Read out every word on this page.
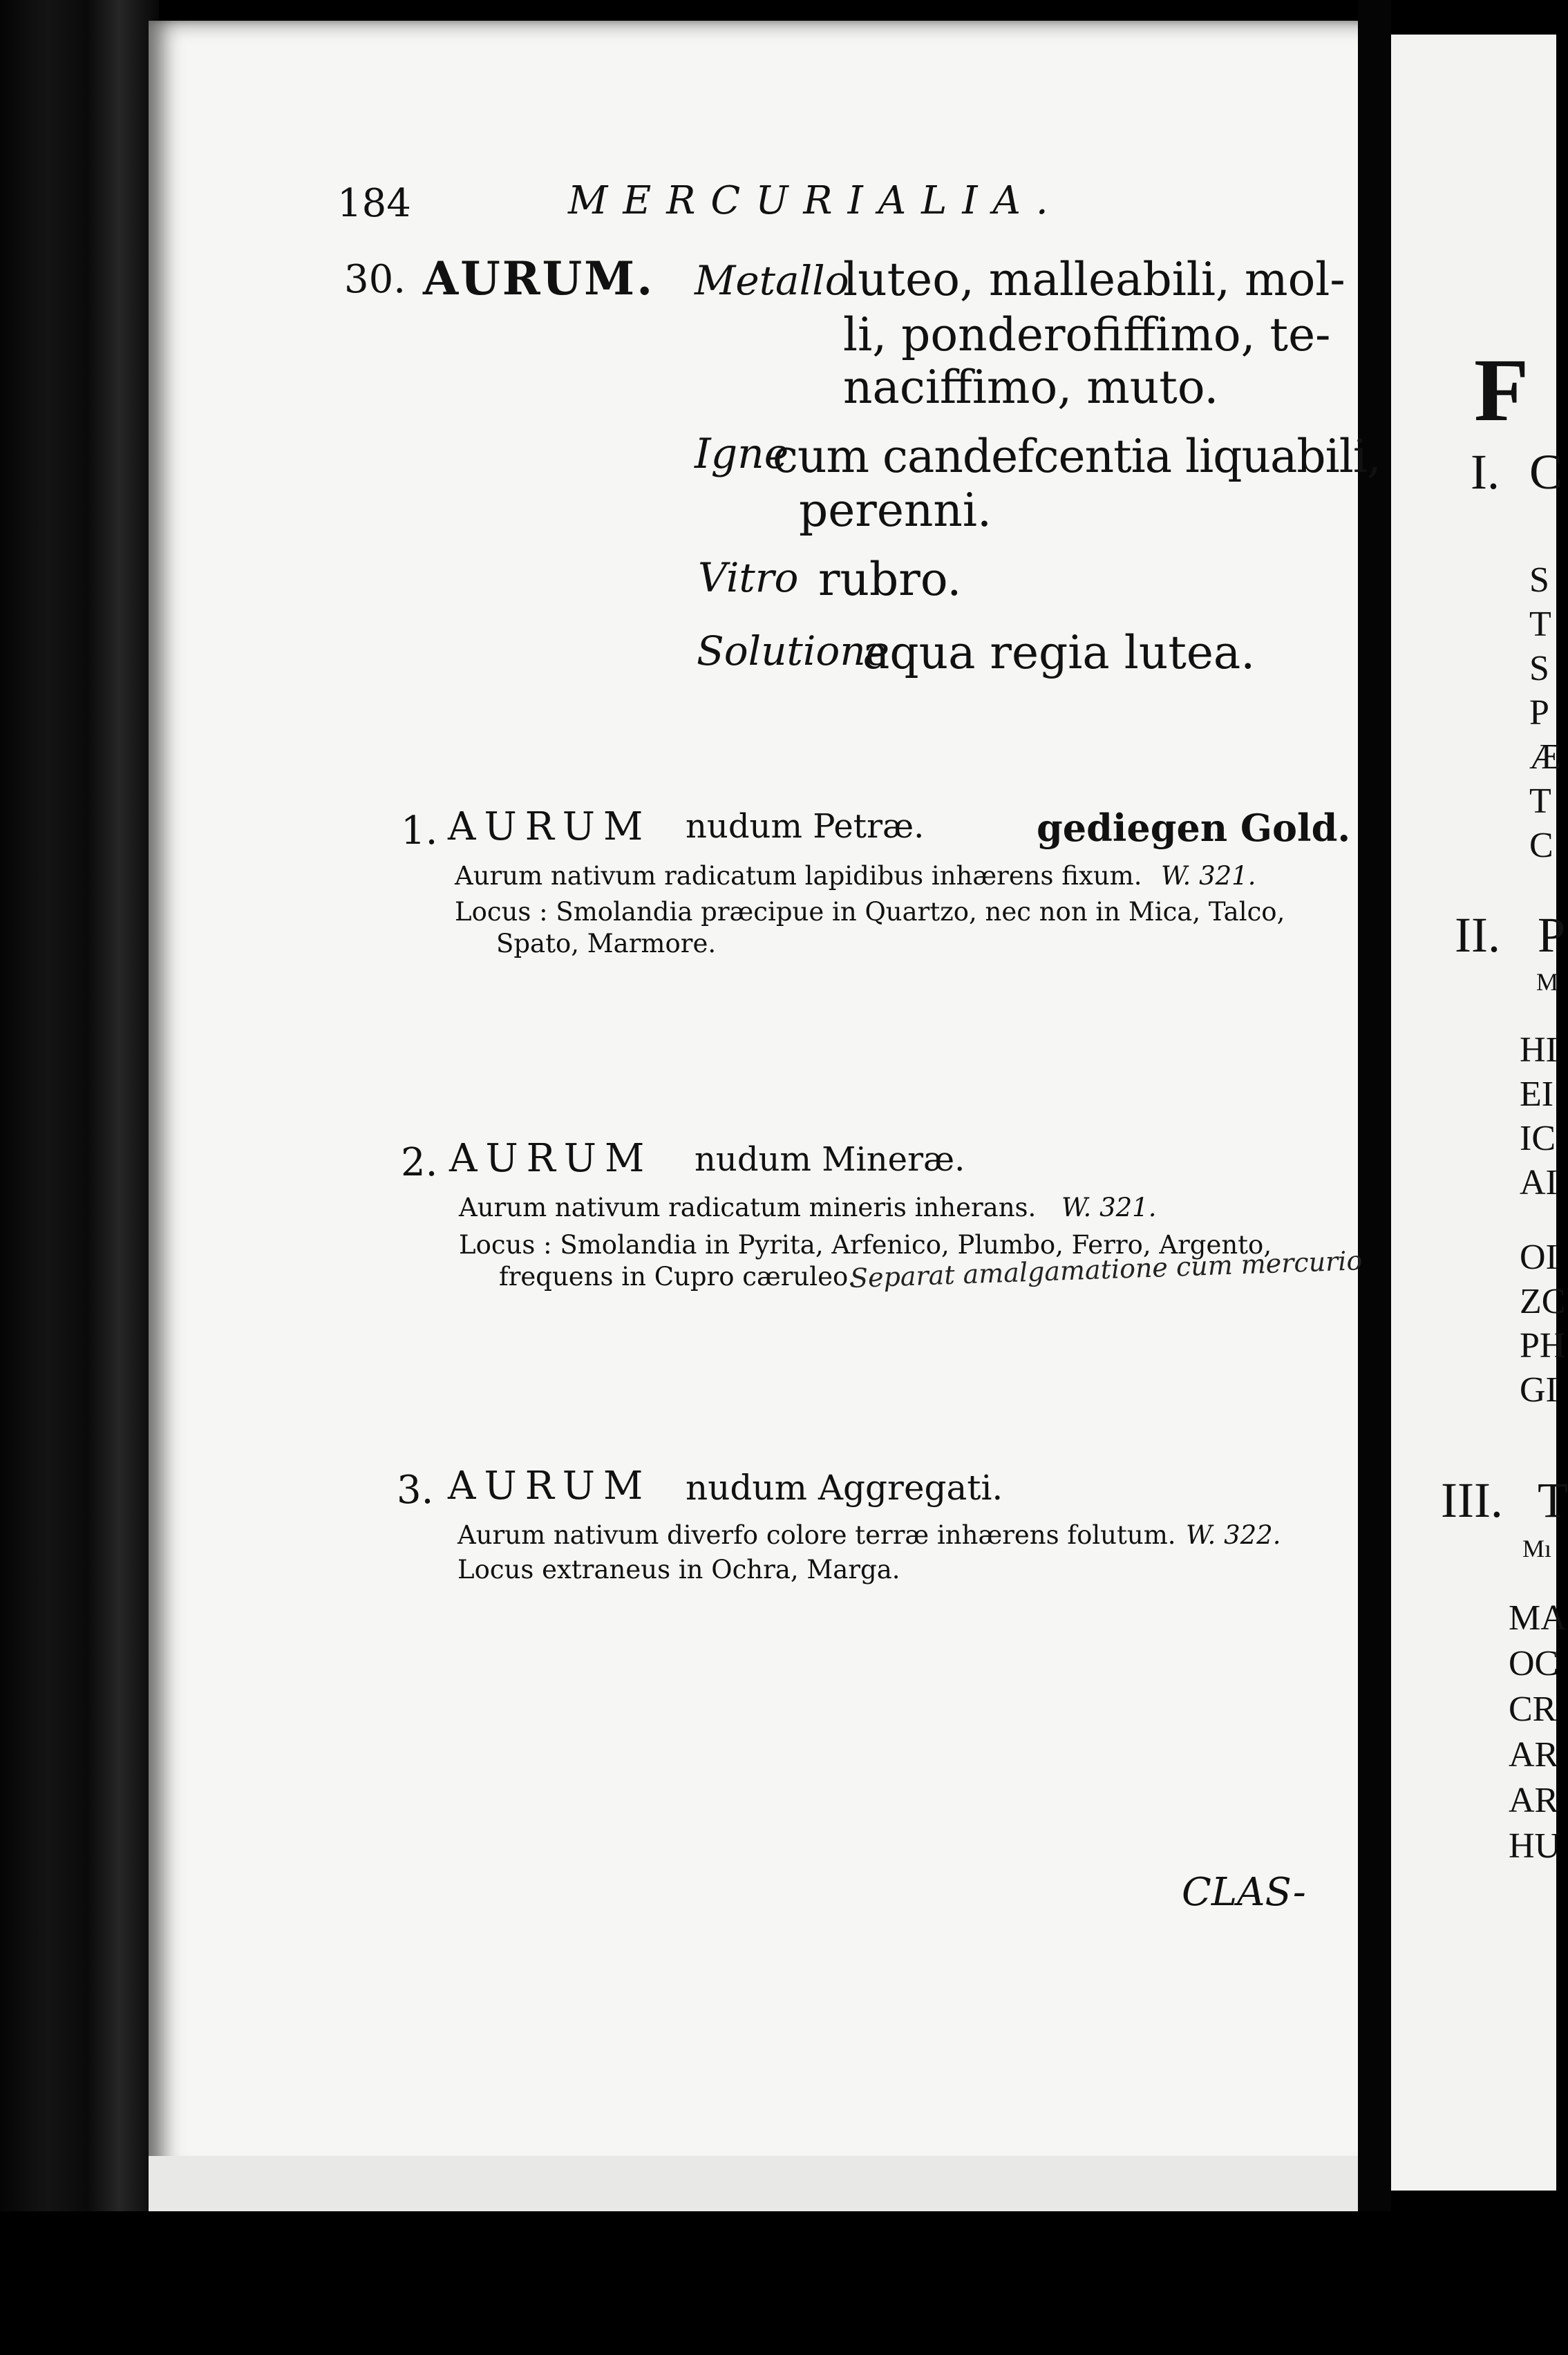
184	MERCURIALIA.
30. AURUM. Metallo
luteo, malleabili, mol-
li, ponderofiffimo, te-
naciffimo, muto.
Igne
cum candefcentia liquabili,
perenni.
Vitro rubro.
Solutione
aqua regia lutea.
1. AURUM nudum Petræ.	gediegen Gold.
Aurum nativum radicatum lapidibus inhærens fixum. W. 321.
Locus : Smolandia præcipue in Quartzo, nec non in Mica, Talco,
Spato, Marmore.
2. AURUM nudum Mineræ.
Aurum nativum radicatum mineris inherans. W. 321.
Locus : Smolandia in Pyrita, Arfenico, Plumbo, Ferro, Argento,
frequens in Cupro cæruleo.
Separat amalgamatione cum mercurio
3. AURUM nudum Aggregati.
Aurum nativum diverfo colore terræ inhærens folutum. W. 322.
Locus extraneus in Ochra, Marga.
CLAS-
F
I. C
S
T
S
P
Æ
T
C
II. P
M
HI
EI
IC
AI
OI
ZC
PH
GI
III. T
Mı
MA
OC
CR
AR
AR
HU
